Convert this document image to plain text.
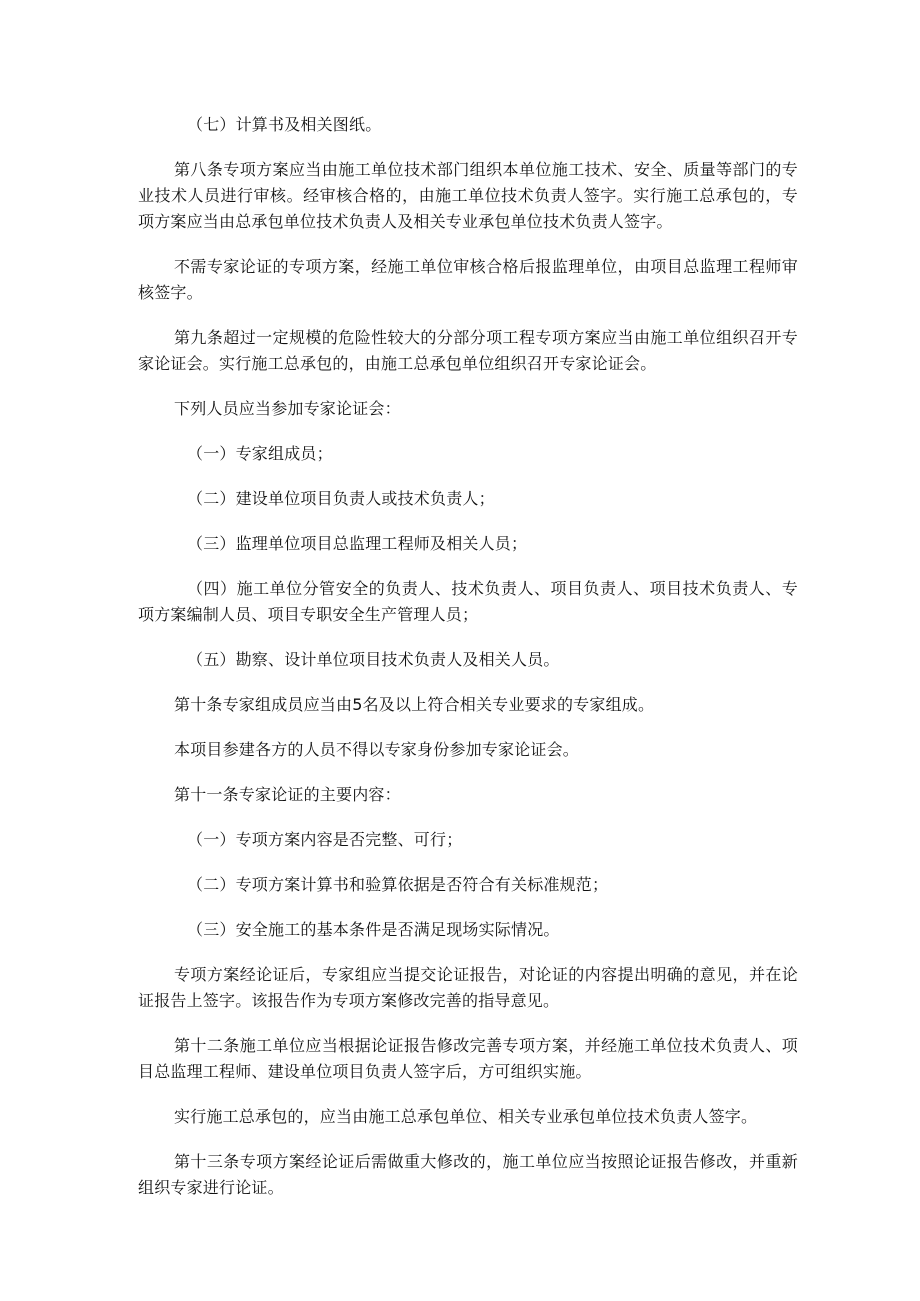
（七）计算书及相关图纸。

第八条专项方案应当由施工单位技术部门组织本单位施工技术、安全、质量等部门的专业技术人员进行审核。经审核合格的，由施工单位技术负责人签字。实行施工总承包的，专项方案应当由总承包单位技术负责人及相关专业承包单位技术负责人签字。

不需专家论证的专项方案，经施工单位审核合格后报监理单位，由项目总监理工程师审核签字。

第九条超过一定规模的危险性较大的分部分项工程专项方案应当由施工单位组织召开专家论证会。实行施工总承包的，由施工总承包单位组织召开专家论证会。

下列人员应当参加专家论证会：

（一）专家组成员；

（二）建设单位项目负责人或技术负责人；

（三）监理单位项目总监理工程师及相关人员；

（四）施工单位分管安全的负责人、技术负责人、项目负责人、项目技术负责人、专项方案编制人员、项目专职安全生产管理人员；

（五）勘察、设计单位项目技术负责人及相关人员。

第十条专家组成员应当由5名及以上符合相关专业要求的专家组成。

本项目参建各方的人员不得以专家身份参加专家论证会。

第十一条专家论证的主要内容：

（一）专项方案内容是否完整、可行；

（二）专项方案计算书和验算依据是否符合有关标准规范；

（三）安全施工的基本条件是否满足现场实际情况。

专项方案经论证后，专家组应当提交论证报告，对论证的内容提出明确的意见，并在论证报告上签字。该报告作为专项方案修改完善的指导意见。

第十二条施工单位应当根据论证报告修改完善专项方案，并经施工单位技术负责人、项目总监理工程师、建设单位项目负责人签字后，方可组织实施。

实行施工总承包的，应当由施工总承包单位、相关专业承包单位技术负责人签字。

第十三条专项方案经论证后需做重大修改的，施工单位应当按照论证报告修改，并重新组织专家进行论证。
